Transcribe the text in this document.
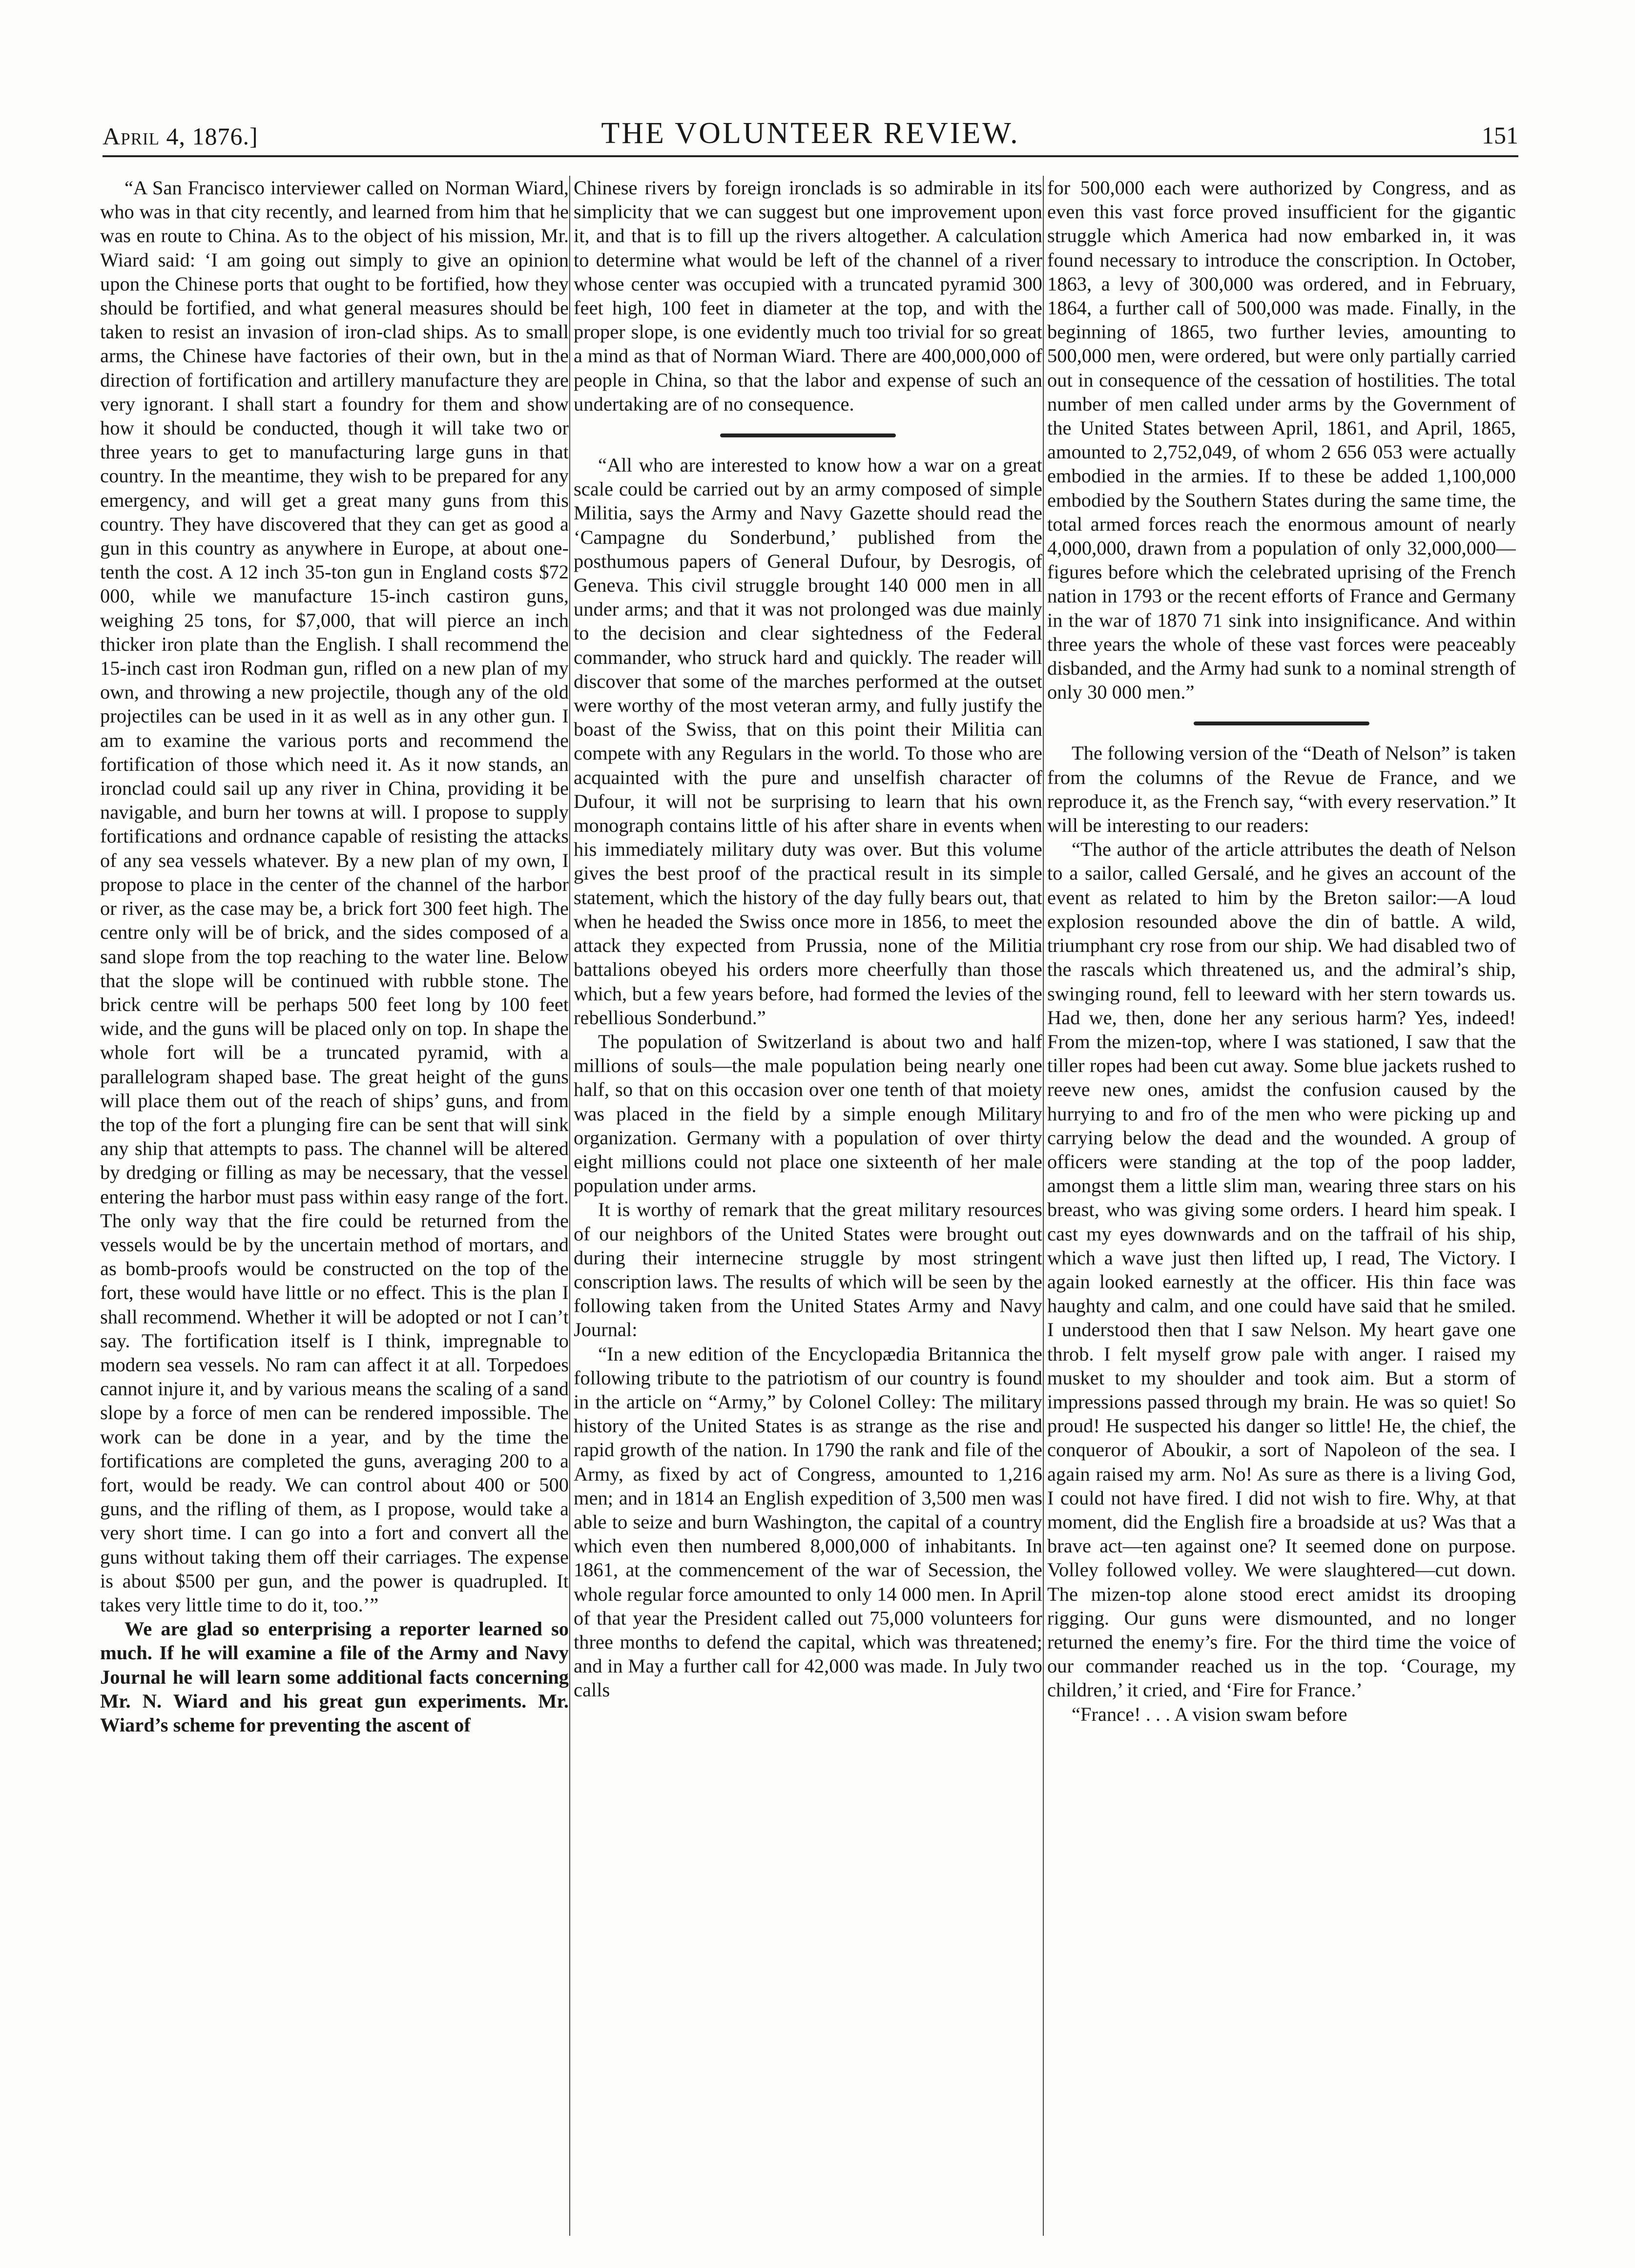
April 4, 1876.]	THE VOLUNTEER REVIEW.	151

“A San Francisco interviewer called on Norman Wiard, who was in that city recently, and learned from him that he was en route to China. As to the object of his mission, Mr. Wiard said: ‘I am going out simply to give an opinion upon the Chinese ports that ought to be fortified, how they should be fortified, and what general measures should be taken to resist an invasion of iron-clad ships. As to small arms, the Chinese have factories of their own, but in the direction of fortification and artillery manufacture they are very ignorant. I shall start a foundry for them and show how it should be conducted, though it will take two or three years to get to manufacturing large guns in that country. In the meantime, they wish to be prepared for any emergency, and will get a great many guns from this country. They have discovered that they can get as good a gun in this country as anywhere in Europe, at about one-tenth the cost. A 12 inch 35-ton gun in England costs $72 000, while we manufacture 15-inch castiron guns, weighing 25 tons, for $7,000, that will pierce an inch thicker iron plate than the English. I shall recommend the 15-inch cast iron Rodman gun, rifled on a new plan of my own, and throwing a new projectile, though any of the old projectiles can be used in it as well as in any other gun. I am to examine the various ports and recommend the fortification of those which need it. As it now stands, an ironclad could sail up any river in China, providing it be navigable, and burn her towns at will. I propose to supply fortifications and ordnance capable of resisting the attacks of any sea vessels whatever. By a new plan of my own, I propose to place in the center of the channel of the harbor or river, as the case may be, a brick fort 300 feet high. The centre only will be of brick, and the sides composed of a sand slope from the top reaching to the water line. Below that the slope will be continued with rubble stone. The brick centre will be perhaps 500 feet long by 100 feet wide, and the guns will be placed only on top. In shape the whole fort will be a truncated pyramid, with a parallelogram shaped base. The great height of the guns will place them out of the reach of ships’ guns, and from the top of the fort a plunging fire can be sent that will sink any ship that attempts to pass. The channel will be altered by dredging or filling as may be necessary, that the vessel entering the harbor must pass within easy range of the fort. The only way that the fire could be returned from the vessels would be by the uncertain method of mortars, and as bomb-proofs would be constructed on the top of the fort, these would have little or no effect. This is the plan I shall recommend. Whether it will be adopted or not I can’t say. The fortification itself is I think, impregnable to modern sea vessels. No ram can affect it at all. Torpedoes cannot injure it, and by various means the scaling of a sand slope by a force of men can be rendered impossible. The work can be done in a year, and by the time the fortifications are completed the guns, averaging 200 to a fort, would be ready. We can control about 400 or 500 guns, and the rifling of them, as I propose, would take a very short time. I can go into a fort and convert all the guns without taking them off their carriages. The expense is about $500 per gun, and the power is quadrupled. It takes very little time to do it, too.’”

We are glad so enterprising a reporter learned so much. If he will examine a file of the Army and Navy Journal he will learn some additional facts concerning Mr. N. Wiard and his great gun experiments. Mr. Wiard’s scheme for preventing the ascent of

Chinese rivers by foreign ironclads is so admirable in its simplicity that we can suggest but one improvement upon it, and that is to fill up the rivers altogether. A calculation to determine what would be left of the channel of a river whose center was occupied with a truncated pyramid 300 feet high, 100 feet in diameter at the top, and with the proper slope, is one evidently much too trivial for so great a mind as that of Norman Wiard. There are 400,000,000 of people in China, so that the labor and expense of such an undertaking are of no consequence.

“All who are interested to know how a war on a great scale could be carried out by an army composed of simple Militia, says the Army and Navy Gazette should read the ‘Campagne du Sonderbund,’ published from the posthumous papers of General Dufour, by Desrogis, of Geneva. This civil struggle brought 140 000 men in all under arms; and that it was not prolonged was due mainly to the decision and clear sightedness of the Federal commander, who struck hard and quickly. The reader will discover that some of the marches performed at the outset were worthy of the most veteran army, and fully justify the boast of the Swiss, that on this point their Militia can compete with any Regulars in the world. To those who are acquainted with the pure and unselfish character of Dufour, it will not be surprising to learn that his own monograph contains little of his after share in events when his immediately military duty was over. But this volume gives the best proof of the practical result in its simple statement, which the history of the day fully bears out, that when he headed the Swiss once more in 1856, to meet the attack they expected from Prussia, none of the Militia battalions obeyed his orders more cheerfully than those which, but a few years before, had formed the levies of the rebellious Sonderbund.”

The population of Switzerland is about two and half millions of souls—the male population being nearly one half, so that on this occasion over one tenth of that moiety was placed in the field by a simple enough Military organization. Germany with a population of over thirty eight millions could not place one sixteenth of her male population under arms.

It is worthy of remark that the great military resources of our neighbors of the United States were brought out during their internecine struggle by most stringent conscription laws. The results of which will be seen by the following taken from the United States Army and Navy Journal:

“In a new edition of the Encyclopædia Britannica the following tribute to the patriotism of our country is found in the article on “Army,” by Colonel Colley: The military history of the United States is as strange as the rise and rapid growth of the nation. In 1790 the rank and file of the Army, as fixed by act of Congress, amounted to 1,216 men; and in 1814 an English expedition of 3,500 men was able to seize and burn Washington, the capital of a country which even then numbered 8,000,000 of inhabitants. In 1861, at the commencement of the war of Secession, the whole regular force amounted to only 14 000 men. In April of that year the President called out 75,000 volunteers for three months to defend the capital, which was threatened; and in May a further call for 42,000 was made. In July two calls

for 500,000 each were authorized by Congress, and as even this vast force proved insufficient for the gigantic struggle which America had now embarked in, it was found necessary to introduce the conscription. In October, 1863, a levy of 300,000 was ordered, and in February, 1864, a further call of 500,000 was made. Finally, in the beginning of 1865, two further levies, amounting to 500,000 men, were ordered, but were only partially carried out in consequence of the cessation of hostilities. The total number of men called under arms by the Government of the United States between April, 1861, and April, 1865, amounted to 2,752,049, of whom 2 656 053 were actually embodied in the armies. If to these be added 1,100,000 embodied by the Southern States during the same time, the total armed forces reach the enormous amount of nearly 4,000,000, drawn from a population of only 32,000,000—figures before which the celebrated uprising of the French nation in 1793 or the recent efforts of France and Germany in the war of 1870 71 sink into insignificance. And within three years the whole of these vast forces were peaceably disbanded, and the Army had sunk to a nominal strength of only 30 000 men.”

The following version of the “Death of Nelson” is taken from the columns of the Revue de France, and we reproduce it, as the French say, “with every reservation.” It will be interesting to our readers:

“The author of the article attributes the death of Nelson to a sailor, called Gersalé, and he gives an account of the event as related to him by the Breton sailor:—A loud explosion resounded above the din of battle. A wild, triumphant cry rose from our ship. We had disabled two of the rascals which threatened us, and the admiral’s ship, swinging round, fell to leeward with her stern towards us. Had we, then, done her any serious harm? Yes, indeed! From the mizen-top, where I was stationed, I saw that the tiller ropes had been cut away. Some blue jackets rushed to reeve new ones, amidst the confusion caused by the hurrying to and fro of the men who were picking up and carrying below the dead and the wounded. A group of officers were standing at the top of the poop ladder, amongst them a little slim man, wearing three stars on his breast, who was giving some orders. I heard him speak. I cast my eyes downwards and on the taffrail of his ship, which a wave just then lifted up, I read, The Victory. I again looked earnestly at the officer. His thin face was haughty and calm, and one could have said that he smiled. I understood then that I saw Nelson. My heart gave one throb. I felt myself grow pale with anger. I raised my musket to my shoulder and took aim. But a storm of impressions passed through my brain. He was so quiet! So proud! He suspected his danger so little! He, the chief, the conqueror of Aboukir, a sort of Napoleon of the sea. I again raised my arm. No! As sure as there is a living God, I could not have fired. I did not wish to fire. Why, at that moment, did the English fire a broadside at us? Was that a brave act—ten against one? It seemed done on purpose. Volley followed volley. We were slaughtered—cut down. The mizen-top alone stood erect amidst its drooping rigging. Our guns were dismounted, and no longer returned the enemy’s fire. For the third time the voice of our commander reached us in the top. ‘Courage, my children,’ it cried, and ‘Fire for France.’

“France! . . . A vision swam before
